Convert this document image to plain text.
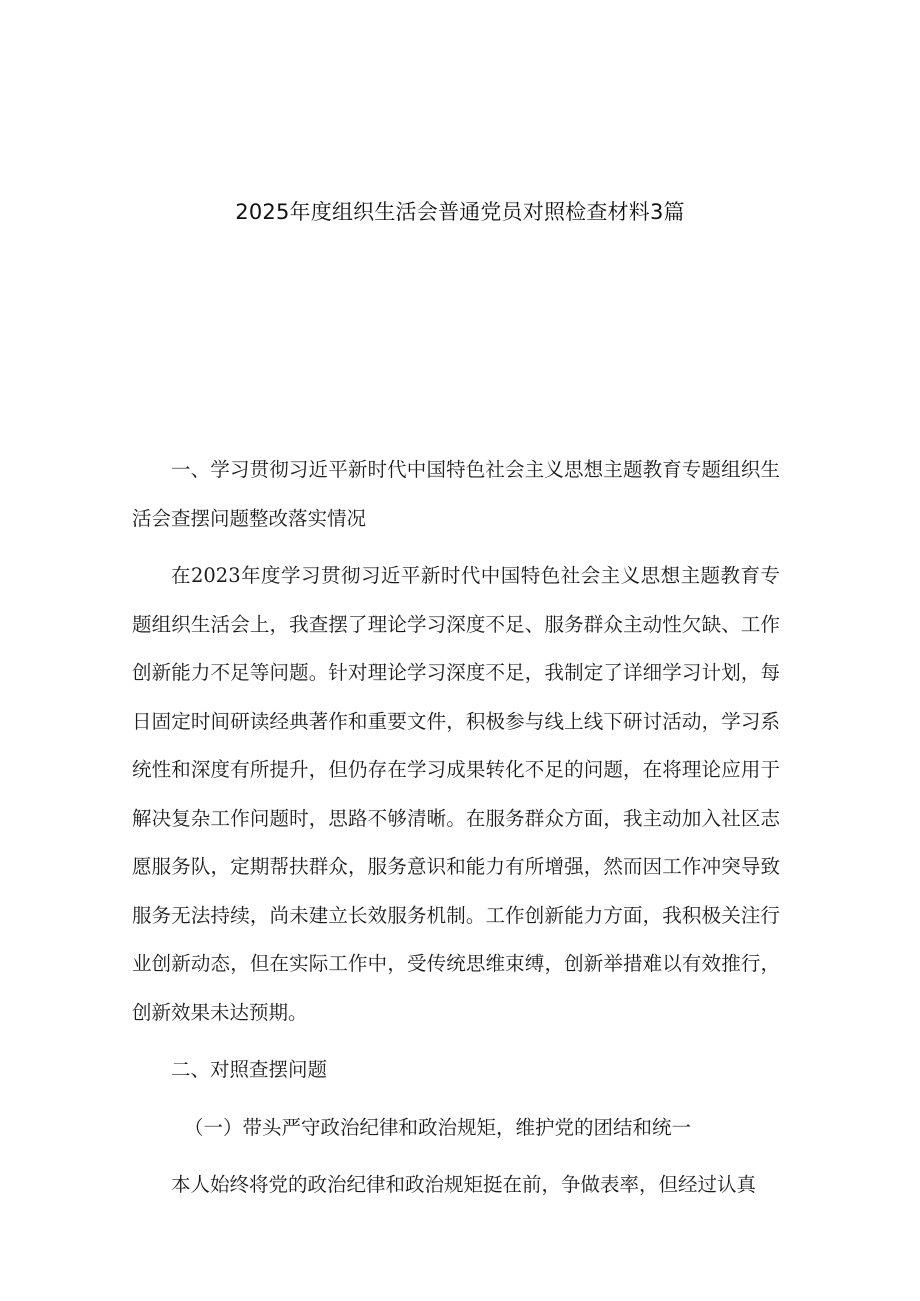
2025年度组织生活会普通党员对照检查材料3篇

一、学习贯彻习近平新时代中国特色社会主义思想主题教育专题组织生活会查摆问题整改落实情况

在2023年度学习贯彻习近平新时代中国特色社会主义思想主题教育专题组织生活会上，我查摆了理论学习深度不足、服务群众主动性欠缺、工作创新能力不足等问题。针对理论学习深度不足，我制定了详细学习计划，每日固定时间研读经典著作和重要文件，积极参与线上线下研讨活动，学习系统性和深度有所提升，但仍存在学习成果转化不足的问题，在将理论应用于解决复杂工作问题时，思路不够清晰。在服务群众方面，我主动加入社区志愿服务队，定期帮扶群众，服务意识和能力有所增强，然而因工作冲突导致服务无法持续，尚未建立长效服务机制。工作创新能力方面，我积极关注行业创新动态，但在实际工作中，受传统思维束缚，创新举措难以有效推行，创新效果未达预期。

二、对照查摆问题

（一）带头严守政治纪律和政治规矩，维护党的团结和统一

本人始终将党的政治纪律和政治规矩挺在前，争做表率，但经过认真
